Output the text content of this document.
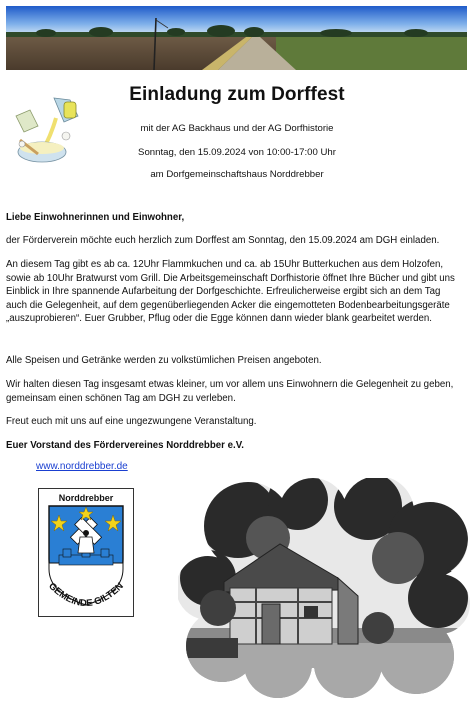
Einladung zum Dorffest
mit der AG Backhaus und der AG Dorfhistorie
Sonntag, den 15.09.2024 von 10:00-17:00 Uhr
am Dorfgemeinschaftshaus Norddrebber
Liebe Einwohnerinnen und Einwohner,
der Förderverein möchte euch herzlich zum Dorffest am Sonntag, den 15.09.2024 am DGH einladen.
An diesem Tag gibt es ab ca. 12Uhr Flammkuchen und ca. ab 15Uhr Butterkuchen aus dem Holzofen, sowie ab 10Uhr Bratwurst vom Grill. Die Arbeitsgemeinschaft Dorfhistorie öffnet Ihre Bücher und gibt uns Einblick in Ihre spannende Aufarbeitung der Dorfgeschichte. Erfreulicherweise ergibt sich an dem Tag auch die Gelegenheit, auf dem gegenüberliegenden Acker die eingemotteten Bodenbearbeitungsgeräte „auszuprobieren“. Euer Grubber, Pflug oder die Egge können dann wieder blank gearbeitet werden.
Alle Speisen und Getränke werden zu volkstümlichen Preisen angeboten.
Wir halten diesen Tag insgesamt etwas kleiner, um vor allem uns Einwohnern die Gelegenheit zu geben, gemeinsam einen schönen Tag am DGH zu verleben.
Freut euch mit uns auf eine ungezwungene Veranstaltung.
Euer Vorstand des Fördervereines Norddrebber e.V.
www.norddrebber.de
Norddrebber
GEMEINDE GILTEN
